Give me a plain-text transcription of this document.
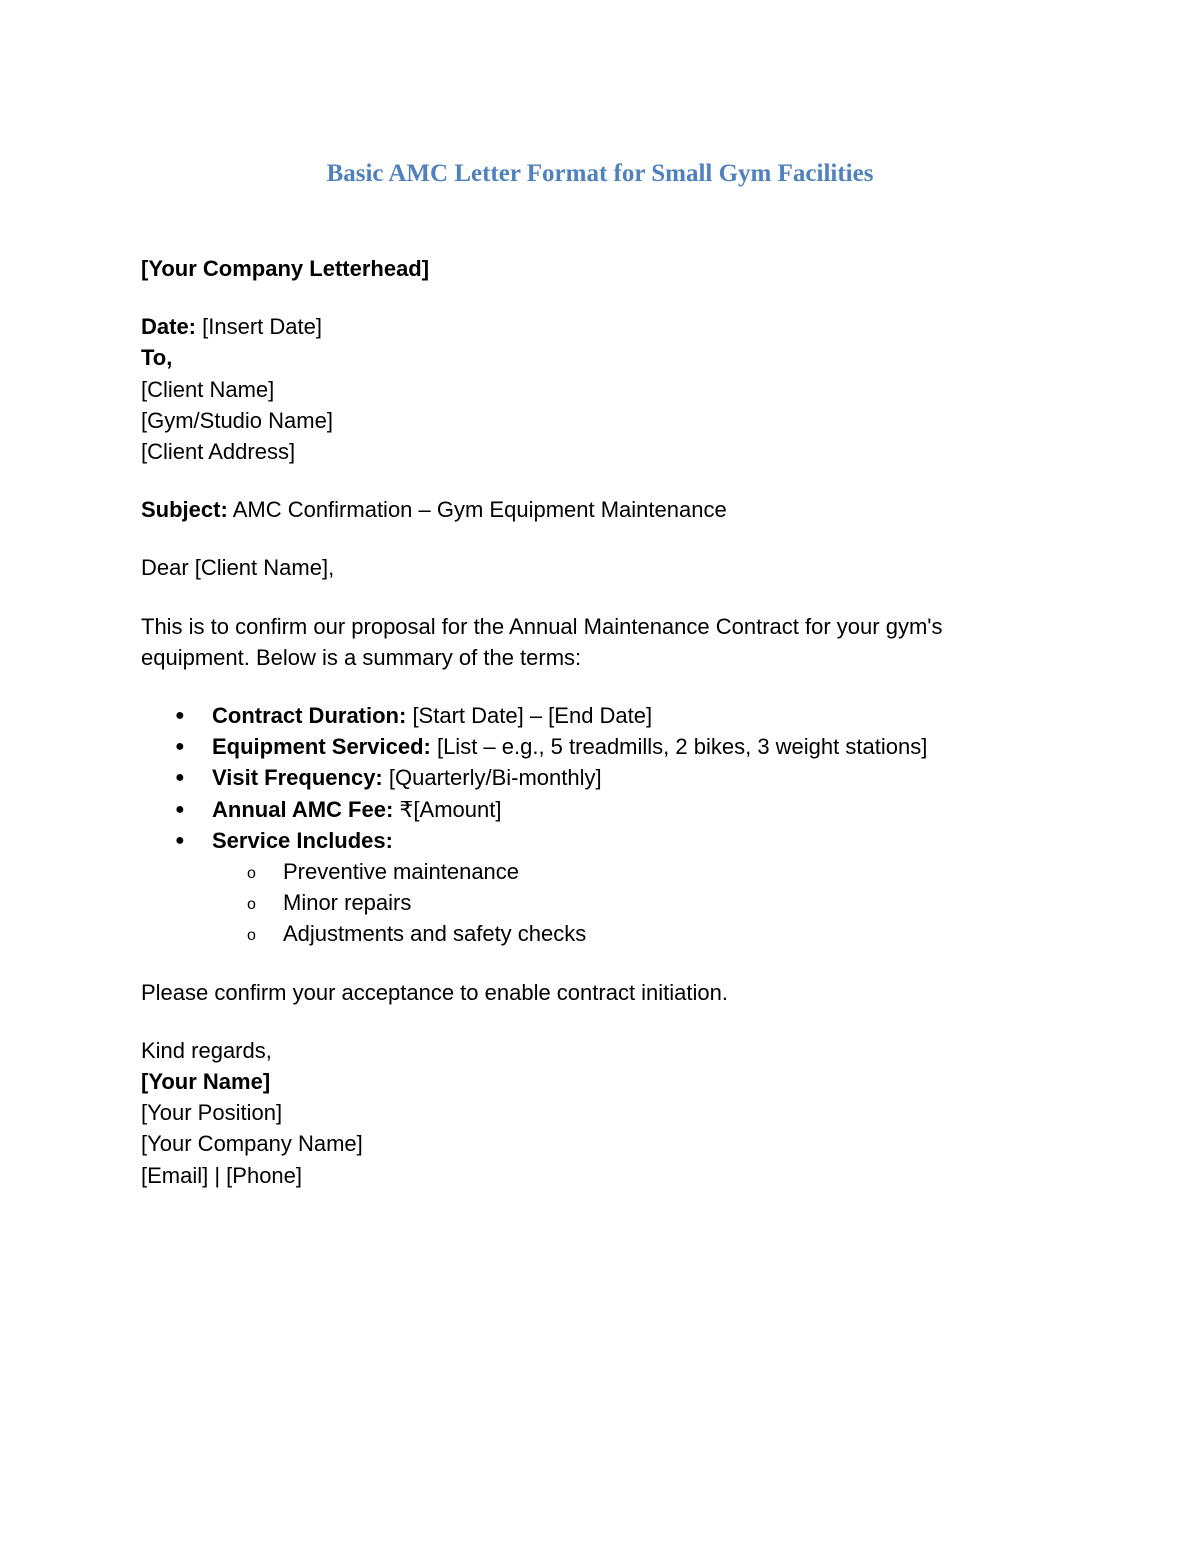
Basic AMC Letter Format for Small Gym Facilities

[Your Company Letterhead]

Date: [Insert Date]

To,

[Client Name]

[Gym/Studio Name]

[Client Address]

Subject: AMC Confirmation – Gym Equipment Maintenance

Dear [Client Name],

This is to confirm our proposal for the Annual Maintenance Contract for your gym's equipment. Below is a summary of the terms:

● Contract Duration: [Start Date] – [End Date]
● Equipment Serviced: [List – e.g., 5 treadmills, 2 bikes, 3 weight stations]
● Visit Frequency: [Quarterly/Bi-monthly]
● Annual AMC Fee: ₹[Amount]
● Service Includes:
o Preventive maintenance
o Minor repairs
o Adjustments and safety checks

Please confirm your acceptance to enable contract initiation.

Kind regards,

[Your Name]

[Your Position]

[Your Company Name]

[Email] | [Phone]
